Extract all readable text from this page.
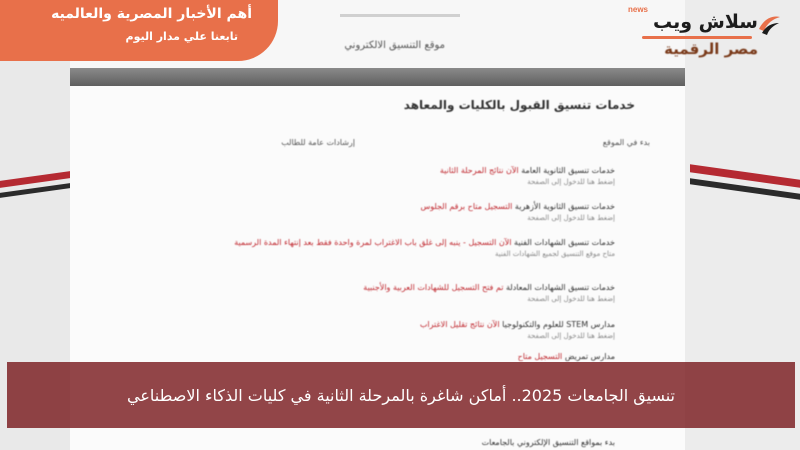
موقع التنسيق الالكتروني
خدمات تنسيق القبول بالكليات والمعاهد
بدء في الموقع
إرشادات عامة للطالب
خدمات تنسيق الثانوية العامة الآن نتائج المرحلة الثانية
إضغط هنا للدخول إلى الصفحة
خدمات تنسيق الثانوية الأزهرية التسجيل متاح برقم الجلوس
إضغط هنا للدخول إلى الصفحة
خدمات تنسيق الشهادات الفنية الآن التسجيل - ينبه إلى غلق باب الاغتراب لمرة واحدة فقط بعد إنتهاء المدة الرسمية
متاح موقع التنسيق لجميع الشهادات الفنية
خدمات تنسيق الشهادات المعادلة تم فتح التسجيل للشهادات العربية والأجنبية
إضغط هنا للدخول إلى الصفحة
مدارس STEM للعلوم والتكنولوجيا الآن نتائج تقليل الاغتراب
إضغط هنا للدخول إلى الصفحة
مدارس تمريض التسجيل متاح
بدء بمواقع التنسيق الإلكتروني بالجامعات
مصر الرقمية
أهم الأخبار المصرية والعالميه
تابعنا علي مدار اليوم
news
سلاش ويب
تنسيق الجامعات 2025.. أماكن شاغرة بالمرحلة الثانية في كليات الذكاء الاصطناعي
